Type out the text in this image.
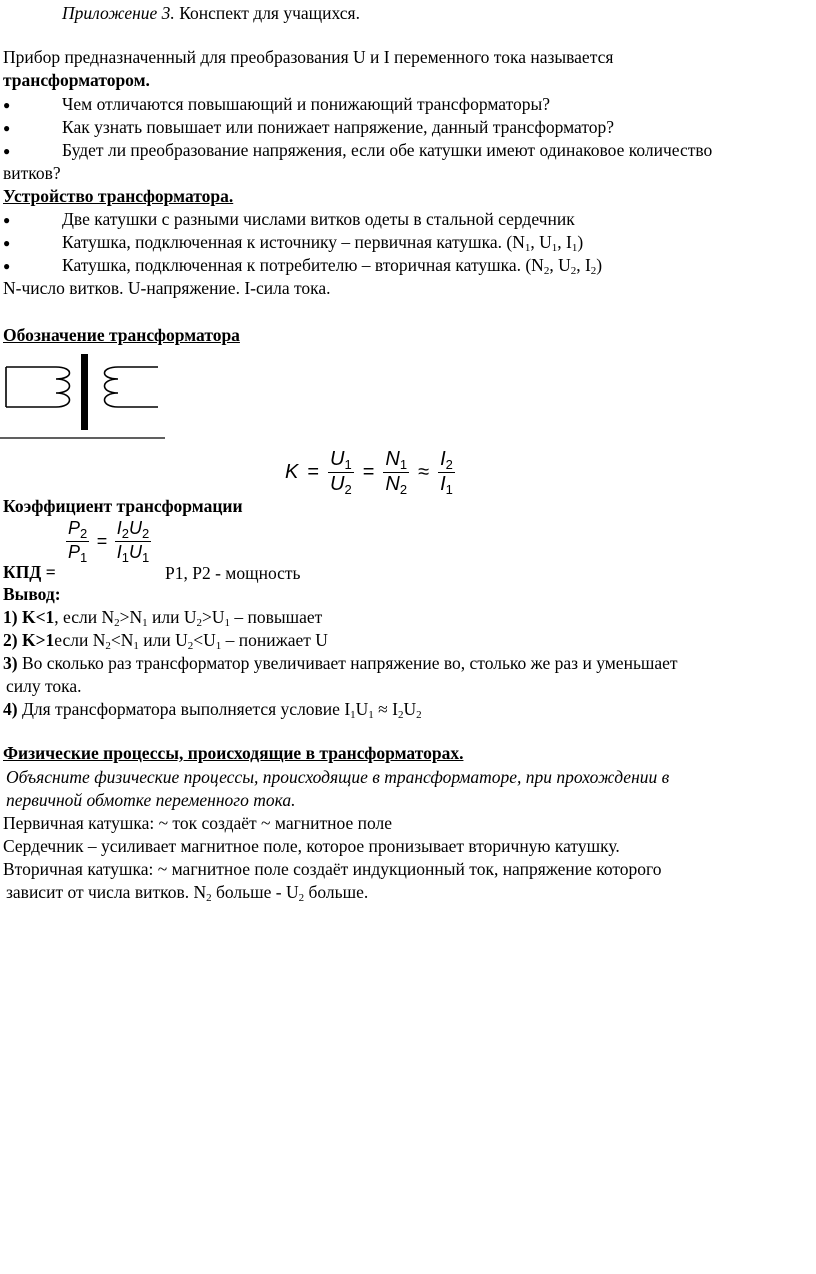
Приложение 3. Конспект для учащихся.
Прибор предназначенный для преобразования U и I переменного тока называется
трансформатором.
●	Чем отличаются повышающий и понижающий трансформаторы?
●	Как узнать повышает или понижает напряжение, данный трансформатор?
●	Будет ли преобразование напряжения, если обе катушки имеют одинаковое количество
витков?
Устройство трансформатора.
●	Две катушки с разными числами витков одеты в стальной сердечник
●	Катушка, подключенная к источнику – первичная катушка. ($N_1$, $U_1$, $I_1$)
●	Катушка, подключенная к потребителю – вторичная катушка. ($N_2$, $U_2$, $I_2$)
N-число витков. U-напряжение. I-сила тока.
Обозначение трансформатора
$K = \frac{U_1}{U_2} = \frac{N_1}{N_2} \approx \frac{I_2}{I_1}$
Коэффициент трансформации
$\frac{P_2}{P_1} = \frac{I_2U_2}{I_1U_1}$
КПД =	Р1, Р2 - мощность
Вывод:
1) K<1, если $N_2>N_1$ или $U_2>U_1$ – повышает
2) K>1если $N_2<N_1$ или $U_2<U_1$ – понижает U
3) Во сколько раз трансформатор увеличивает напряжение во, столько же раз и уменьшает
силу тока.
4) Для трансформатора выполняется условие $I_1U_1 \approx I_2U_2$
Физические процессы, происходящие в трансформаторах.
Объясните физические процессы, происходящие в трансформаторе, при прохождении в
первичной обмотке переменного тока.
Первичная катушка: ~ ток создаёт ~ магнитное поле
Сердечник – усиливает магнитное поле, которое пронизывает вторичную катушку.
Вторичная катушка: ~ магнитное поле создаёт индукционный ток, напряжение которого
зависит от числа витков. $N_2$ больше - $U_2$ больше.
